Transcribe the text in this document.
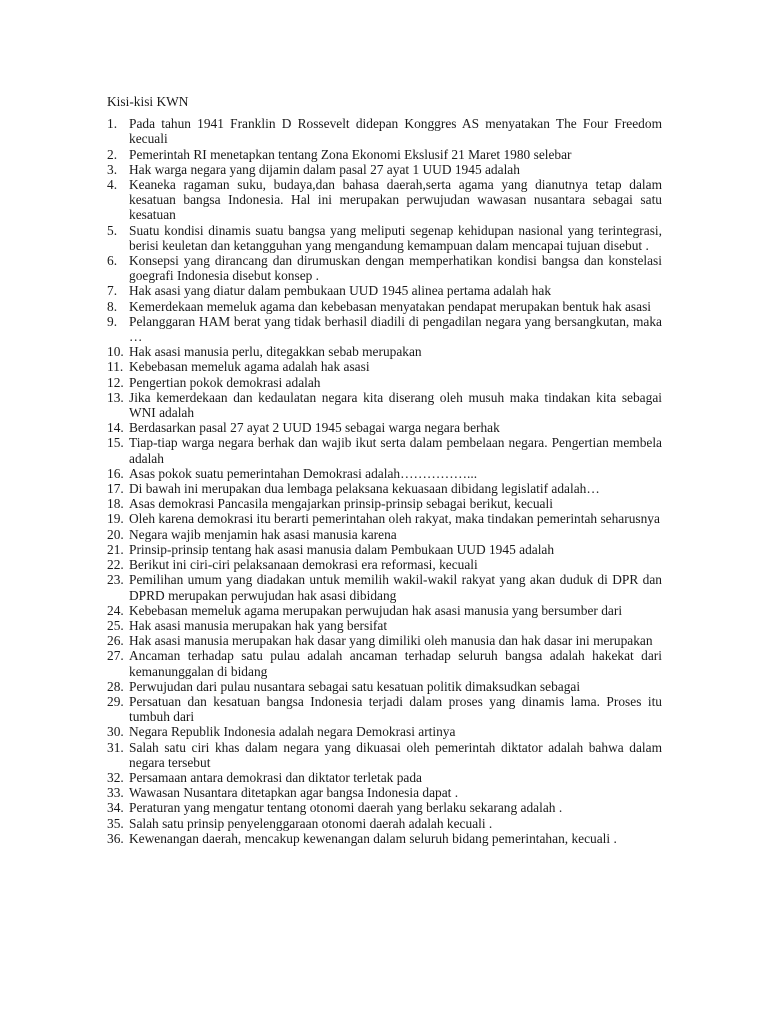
Kisi-kisi KWN
1. Pada tahun 1941 Franklin D Rossevelt didepan Konggres AS menyatakan The Four Freedom kecuali
2. Pemerintah RI menetapkan tentang Zona Ekonomi Ekslusif 21 Maret 1980 selebar
3. Hak warga negara yang dijamin dalam pasal 27 ayat 1 UUD 1945 adalah
4. Keaneka ragaman suku, budaya,dan bahasa daerah,serta agama yang dianutnya tetap dalam kesatuan bangsa Indonesia. Hal ini merupakan perwujudan wawasan nusantara sebagai satu kesatuan
5. Suatu kondisi dinamis suatu bangsa yang meliputi segenap kehidupan nasional yang terintegrasi, berisi keuletan dan ketangguhan yang mengandung kemampuan dalam mencapai tujuan disebut .
6. Konsepsi yang dirancang dan dirumuskan dengan memperhatikan kondisi bangsa dan konstelasi goegrafi Indonesia disebut konsep .
7. Hak asasi yang diatur dalam pembukaan UUD 1945 alinea pertama adalah hak
8. Kemerdekaan memeluk agama dan kebebasan menyatakan pendapat merupakan bentuk hak asasi
9. Pelanggaran HAM berat yang tidak berhasil diadili di pengadilan negara yang bersangkutan, maka …
10. Hak asasi manusia perlu, ditegakkan sebab merupakan
11. Kebebasan memeluk agama adalah hak asasi
12. Pengertian pokok demokrasi adalah
13. Jika kemerdekaan dan kedaulatan negara kita diserang oleh musuh maka tindakan kita sebagai WNI adalah
14. Berdasarkan pasal 27 ayat 2 UUD 1945 sebagai warga negara berhak
15. Tiap-tiap warga negara berhak dan wajib ikut serta dalam pembelaan negara. Pengertian membela adalah
16. Asas pokok suatu pemerintahan Demokrasi adalah……………...
17. Di bawah ini merupakan dua lembaga pelaksana kekuasaan dibidang legislatif adalah…
18. Asas demokrasi Pancasila mengajarkan prinsip-prinsip sebagai berikut, kecuali
19. Oleh karena demokrasi itu berarti pemerintahan oleh rakyat, maka tindakan pemerintah seharusnya
20. Negara wajib menjamin hak asasi manusia karena
21. Prinsip-prinsip tentang hak asasi manusia dalam Pembukaan UUD 1945 adalah
22. Berikut ini ciri-ciri pelaksanaan demokrasi era reformasi, kecuali
23. Pemilihan umum yang diadakan untuk memilih wakil-wakil rakyat yang akan duduk di DPR dan DPRD merupakan perwujudan hak asasi dibidang
24. Kebebasan memeluk agama merupakan perwujudan hak asasi manusia yang bersumber dari
25. Hak asasi manusia merupakan hak yang bersifat
26. Hak asasi manusia merupakan hak dasar yang dimiliki oleh manusia dan hak dasar ini merupakan
27. Ancaman terhadap satu pulau adalah ancaman terhadap seluruh bangsa adalah hakekat dari kemanunggalan di bidang
28. Perwujudan dari pulau nusantara sebagai satu kesatuan politik dimaksudkan sebagai
29. Persatuan dan kesatuan bangsa Indonesia terjadi dalam proses yang dinamis lama. Proses itu tumbuh dari
30. Negara Republik Indonesia adalah negara Demokrasi artinya
31. Salah satu ciri khas dalam negara yang dikuasai oleh pemerintah diktator adalah bahwa dalam negara tersebut
32. Persamaan antara demokrasi dan diktator terletak pada
33. Wawasan Nusantara ditetapkan agar bangsa Indonesia dapat .
34. Peraturan yang mengatur tentang otonomi daerah yang berlaku sekarang adalah .
35. Salah satu prinsip penyelenggaraan otonomi daerah adalah kecuali .
36. Kewenangan daerah, mencakup kewenangan dalam seluruh bidang pemerintahan, kecuali .
